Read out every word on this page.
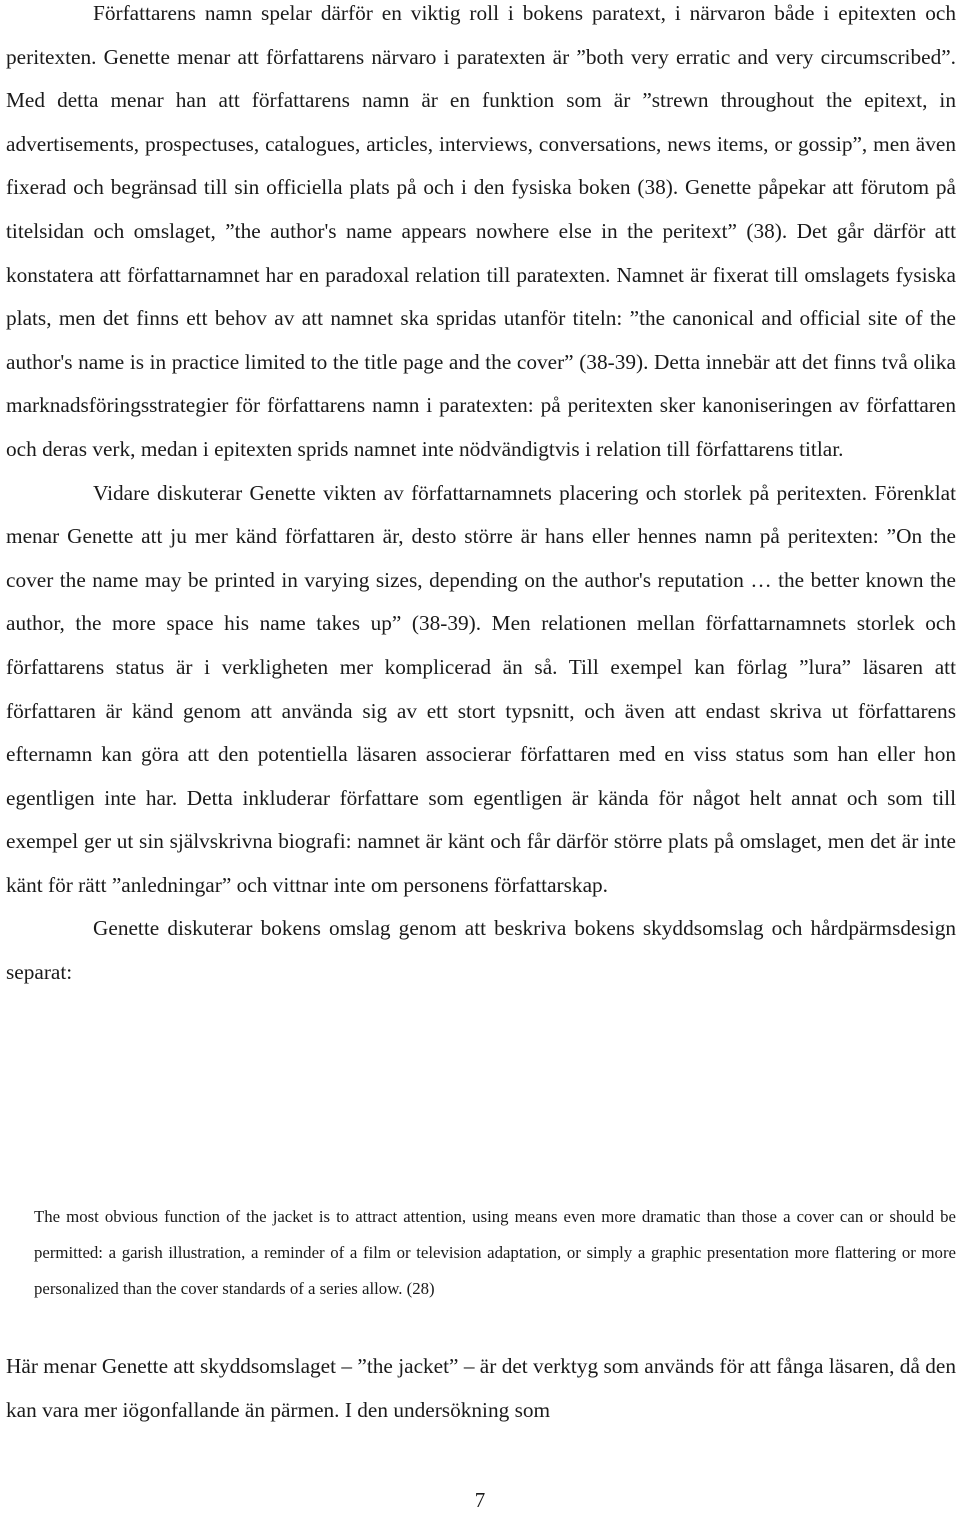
Författarens namn spelar därför en viktig roll i bokens paratext, i närvaron både i epitexten och peritexten. Genette menar att författarens närvaro i paratexten är ”both very erratic and very circumscribed”. Med detta menar han att författarens namn är en funktion som är ”strewn throughout the epitext, in advertisements, prospectuses, catalogues, articles, interviews, conversations, news items, or gossip”, men även fixerad och begränsad till sin officiella plats på och i den fysiska boken (38). Genette påpekar att förutom på titelsidan och omslaget, ”the author's name appears nowhere else in the peritext” (38). Det går därför att konstatera att författarnamnet har en paradoxal relation till paratexten. Namnet är fixerat till omslagets fysiska plats, men det finns ett behov av att namnet ska spridas utanför titeln: ”the canonical and official site of the author's name is in practice limited to the title page and the cover” (38-39). Detta innebär att det finns två olika marknadsföringsstrategier för författarens namn i paratexten: på peritexten sker kanoniseringen av författaren och deras verk, medan i epitexten sprids namnet inte nödvändigtvis i relation till författarens titlar.

Vidare diskuterar Genette vikten av författarnamnets placering och storlek på peritexten. Förenklat menar Genette att ju mer känd författaren är, desto större är hans eller hennes namn på peritexten: ”On the cover the name may be printed in varying sizes, depending on the author's reputation … the better known the author, the more space his name takes up” (38-39). Men relationen mellan författarnamnets storlek och författarens status är i verkligheten mer komplicerad än så. Till exempel kan förlag ”lura” läsaren att författaren är känd genom att använda sig av ett stort typsnitt, och även att endast skriva ut författarens efternamn kan göra att den potentiella läsaren associerar författaren med en viss status som han eller hon egentligen inte har. Detta inkluderar författare som egentligen är kända för något helt annat och som till exempel ger ut sin självskrivna biografi: namnet är känt och får därför större plats på omslaget, men det är inte känt för rätt ”anledningar” och vittnar inte om personens författarskap.

Genette diskuterar bokens omslag genom att beskriva bokens skyddsomslag och hårdpärmsdesign separat:

The most obvious function of the jacket is to attract attention, using means even more dramatic than those a cover can or should be permitted: a garish illustration, a reminder of a film or television adaptation, or simply a graphic presentation more flattering or more personalized than the cover standards of a series allow. (28)

Här menar Genette att skyddsomslaget – ”the jacket” – är det verktyg som används för att fånga läsaren, då den kan vara mer iögonfallande än pärmen. I den undersökning som

7
